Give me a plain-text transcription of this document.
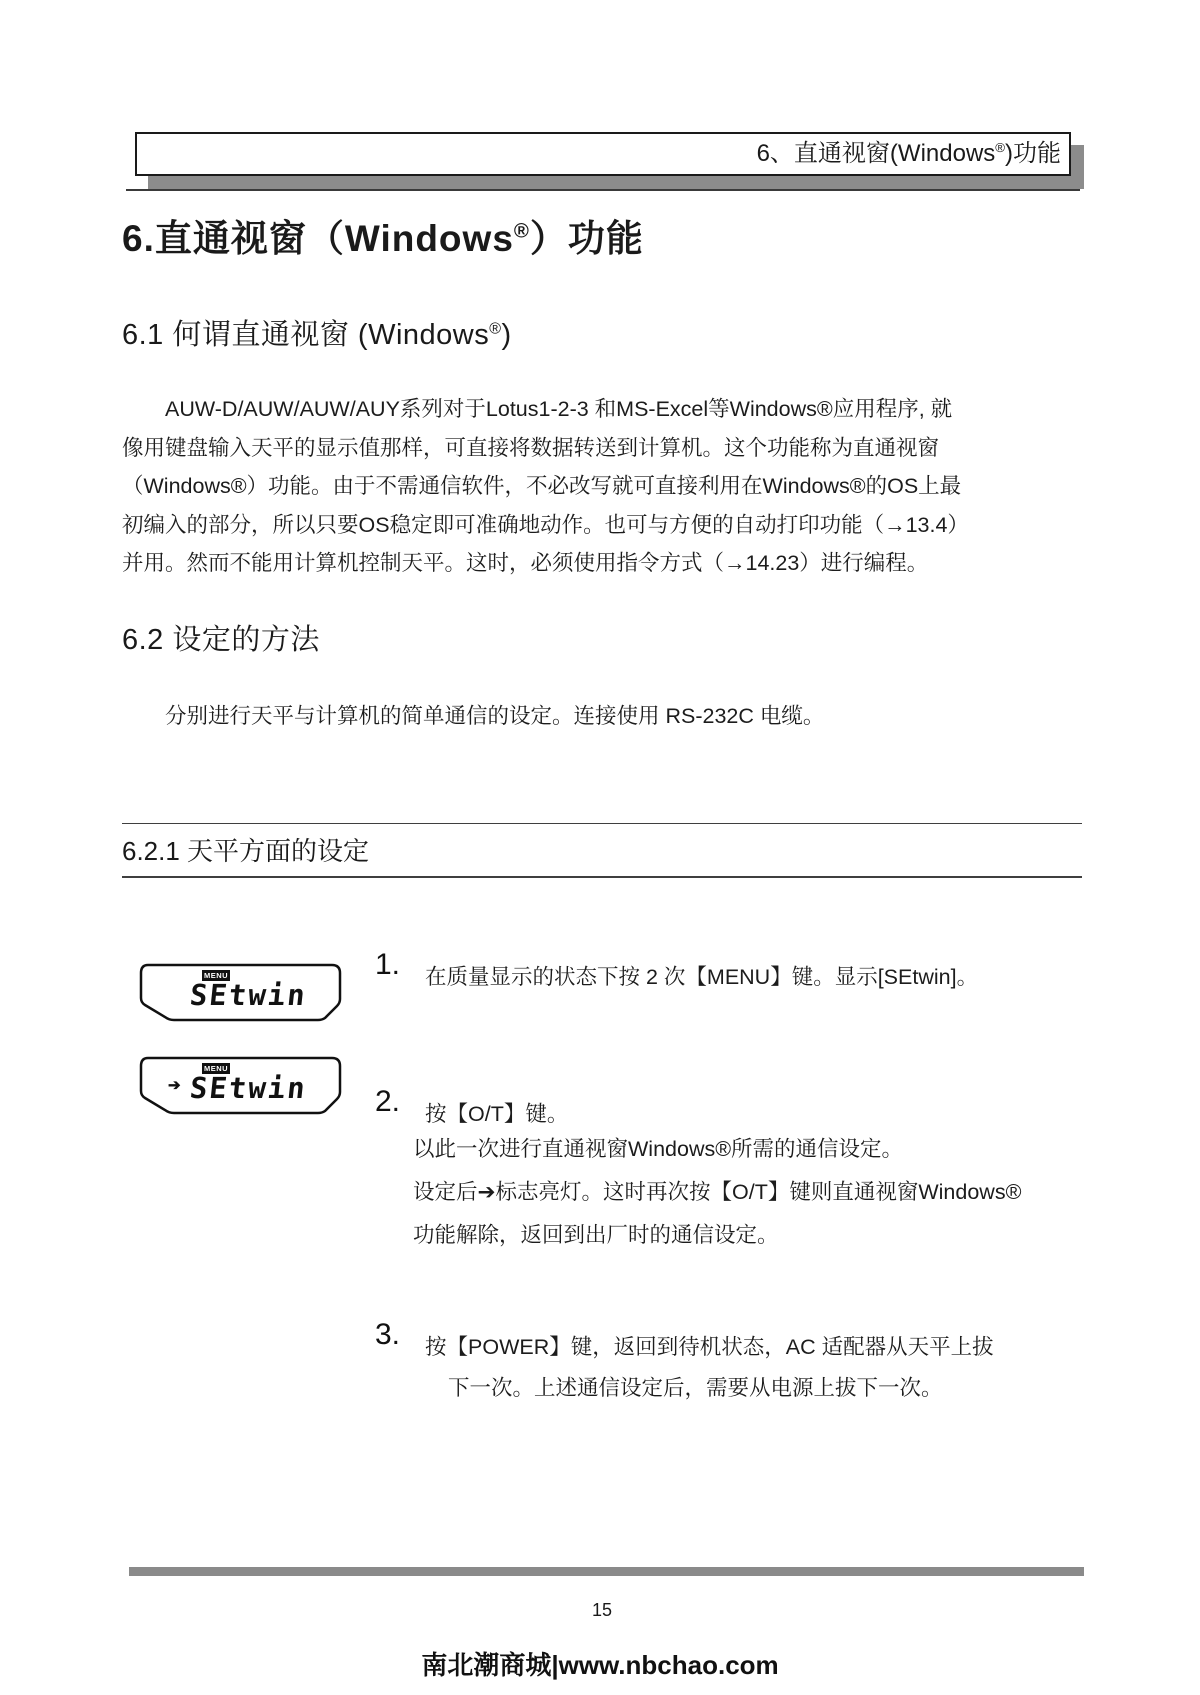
6、直通视窗(Windows®)功能
6.直通视窗（Windows®）功能
6.1 何谓直通视窗 (Windows®)
AUW-D/AUW/AUW/AUY系列对于Lotus1-2-3 和MS-Excel等Windows®应用程序, 就
像用键盘输入天平的显示值那样，可直接将数据转送到计算机。这个功能称为直通视窗
（Windows®）功能。由于不需通信软件，不必改写就可直接利用在Windows®的OS上最
初编入的部分，所以只要OS稳定即可准确地动作。也可与方便的自动打印功能（→13.4）
并用。然而不能用计算机控制天平。这时，必须使用指令方式（→14.23）进行编程。
6.2 设定的方法
分别进行天平与计算机的简单通信的设定。连接使用 RS-232C 电缆。
6.2.1 天平方面的设定
MENU
SEtwin
MENU
➔ SEtwin
1. 在质量显示的状态下按 2 次【MENU】键。显示[SEtwin]。
2. 按【O/T】键。
以此一次进行直通视窗Windows®所需的通信设定。
设定后➔标志亮灯。这时再次按【O/T】键则直通视窗Windows®
功能解除，返回到出厂时的通信设定。
3. 按【POWER】键，返回到待机状态，AC 适配器从天平上拔
下一次。上述通信设定后，需要从电源上拔下一次。
15
南北潮商城|www.nbchao.com
